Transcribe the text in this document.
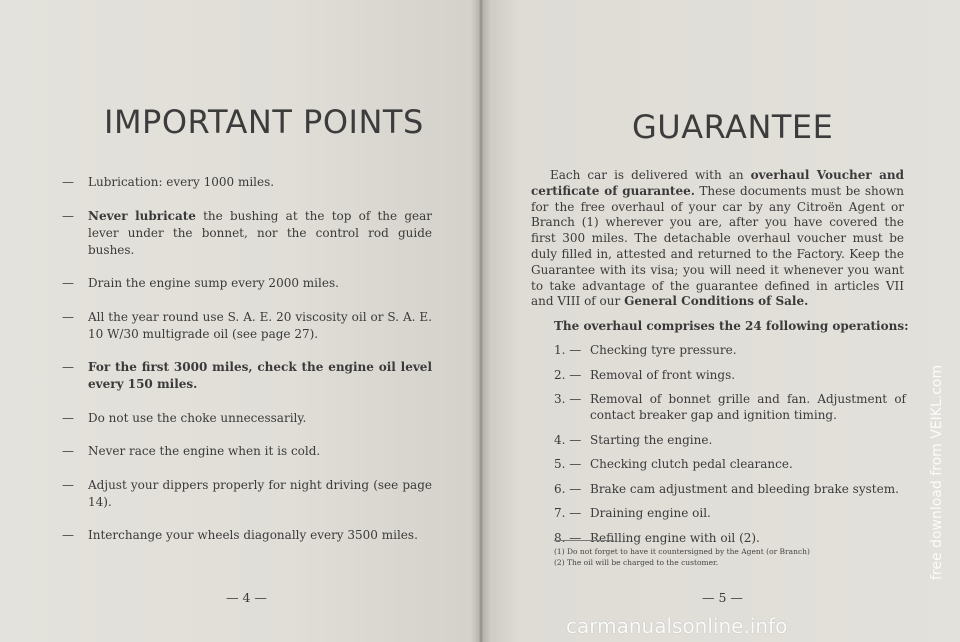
IMPORTANT POINTS
— Lubrication: every 1000 miles.
— Never lubricate the bushing at the top of the gear lever under the bonnet, nor the control rod guide bushes.
— Drain the engine sump every 2000 miles.
— All the year round use S. A. E. 20 viscosity oil or S. A. E. 10 W/30 multigrade oil (see page 27).
— For the first 3000 miles, check the engine oil level every 150 miles.
— Do not use the choke unnecessarily.
— Never race the engine when it is cold.
— Adjust your dippers properly for night driving (see page 14).
— Interchange your wheels diagonally every 3500 miles.
— 4 —
GUARANTEE
Each car is delivered with an overhaul Voucher and certificate of guarantee. These documents must be shown for the free overhaul of your car by any Citroën Agent or Branch (1) wherever you are, after you have covered the first 300 miles. The detachable overhaul voucher must be duly filled in, attested and returned to the Factory. Keep the Guarantee with its visa; you will need it whenever you want to take advantage of the guarantee defined in articles VII and VIII of our General Conditions of Sale.
The overhaul comprises the 24 following operations:
1. — Checking tyre pressure.
2. — Removal of front wings.
3. — Removal of bonnet grille and fan. Adjustment of contact breaker gap and ignition timing.
4. — Starting the engine.
5. — Checking clutch pedal clearance.
6. — Brake cam adjustment and bleeding brake system.
7. — Draining engine oil.
8. — Refilling engine with oil (2).
(1) Do not forget to have it countersigned by the Agent (or Branch)
(2) The oil will be charged to the customer.
— 5 —
free download from VEIKL.com
carmanualsonline.info
